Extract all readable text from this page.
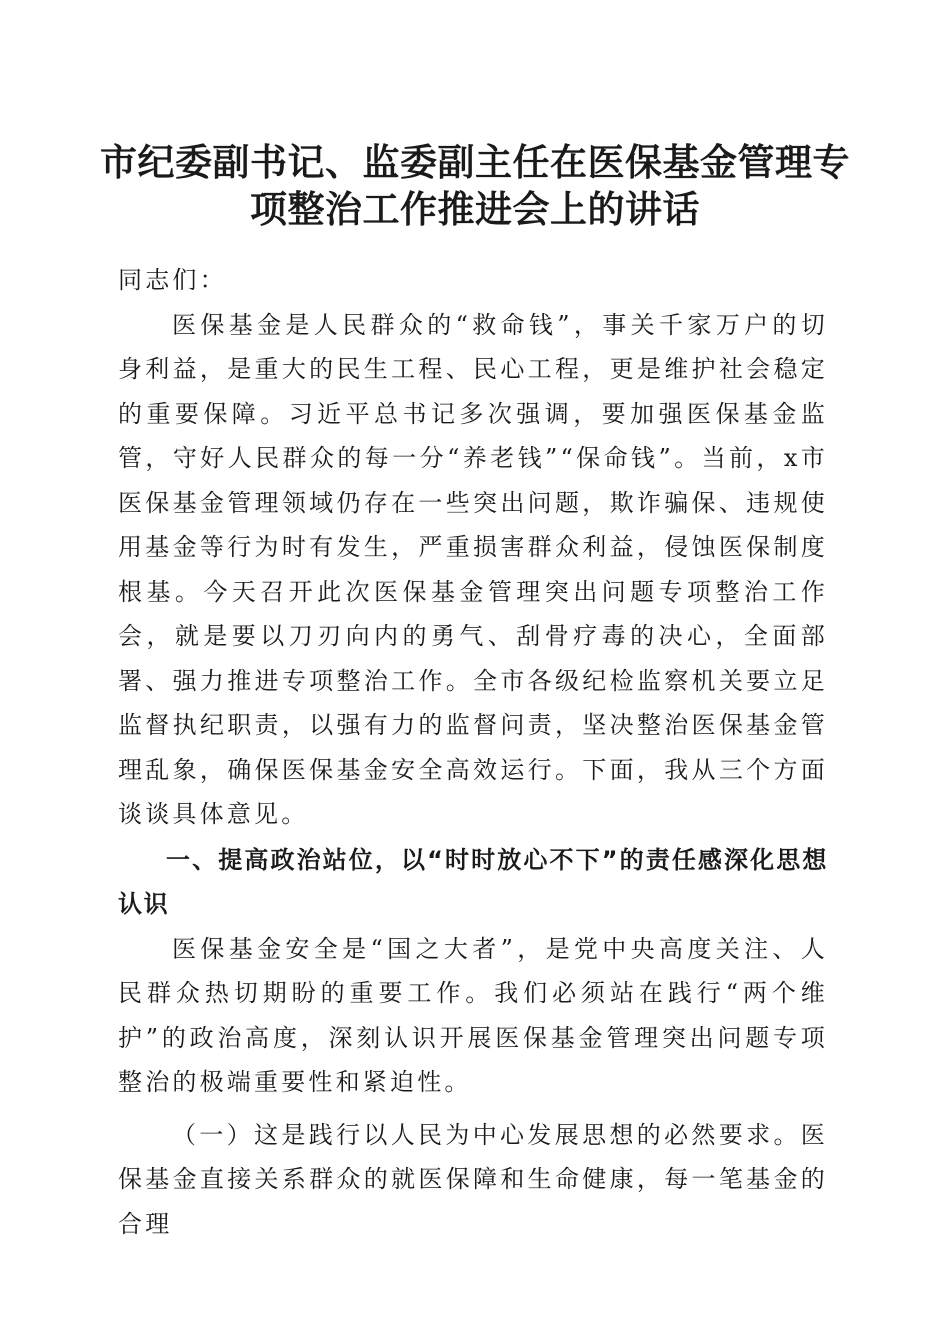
市纪委副书记、监委副主任在医保基金管理专
项整治工作推进会上的讲话

同志们：

医保基金是人民群众的“救命钱”，事关千家万户的切身利益，是重大的民生工程、民心工程，更是维护社会稳定的重要保障。习近平总书记多次强调，要加强医保基金监管，守好人民群众的每一分“养老钱”“保命钱”。当前，x市医保基金管理领域仍存在一些突出问题，欺诈骗保、违规使用基金等行为时有发生，严重损害群众利益，侵蚀医保制度根基。今天召开此次医保基金管理突出问题专项整治工作会，就是要以刀刃向内的勇气、刮骨疗毒的决心，全面部署、强力推进专项整治工作。全市各级纪检监察机关要立足监督执纪职责，以强有力的监督问责，坚决整治医保基金管理乱象，确保医保基金安全高效运行。下面，我从三个方面谈谈具体意见。

一、提高政治站位，以“时时放心不下”的责任感深化思想认识

医保基金安全是“国之大者”，是党中央高度关注、人民群众热切期盼的重要工作。我们必须站在践行“两个维护”的政治高度，深刻认识开展医保基金管理突出问题专项整治的极端重要性和紧迫性。

（一）这是践行以人民为中心发展思想的必然要求。医保基金直接关系群众的就医保障和生命健康，每一笔基金的合理
